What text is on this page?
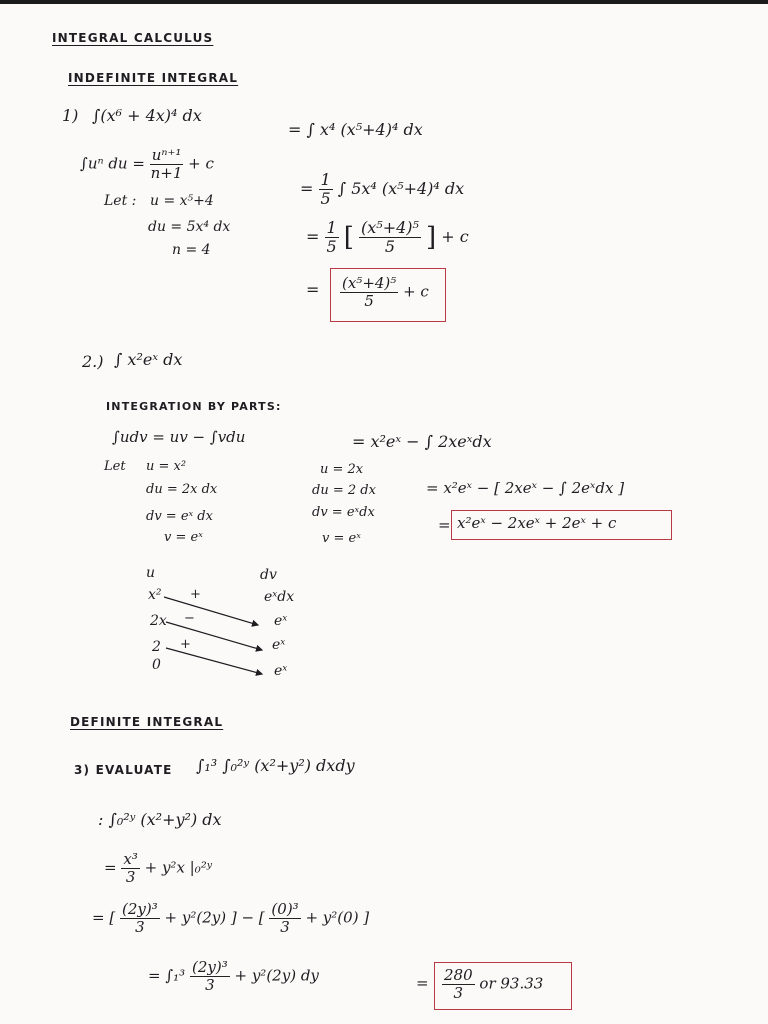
INTEGRAL CALCULUS
INDEFINITE INTEGRAL
1) ∫(x⁶ + 4x)⁴ dx
∫uⁿ du = $\frac{\text{uⁿ⁺¹}}{n+1} + c$
Let : u = x⁵+4
du = 5x⁴ dx
n = 4
= ∫ x⁴ (x⁵+4)⁴ dx
= $\frac{1}{5}$ ∫ 5x⁴ (x⁵+4)⁴ dx
= $\frac{1}{5}$ [ $\frac{\text{(x⁵+4)⁵}}{5}$ ] + c
= $\frac{\text{(x⁵+4)⁵}}{5} + c$
2.) ∫ x²eˣ dx
INTEGRATION BY PARTS:
∫udv = uv − ∫vdu
Let u = x²
du = 2x dx
dv = eˣ dx
v = eˣ
u = 2x
du = 2 dx
dv = eˣdx
v = eˣ
= x²eˣ − ∫ 2xeˣdx
= x²eˣ − [ 2xeˣ − ∫ 2eˣdx ]
= x²eˣ − 2xeˣ + 2eˣ + c
u	dv
x²
2x
2
0
+
−
+
eˣdx
eˣ
eˣ
eˣ
DEFINITE INTEGRAL
3) EVALUATE ∫₁³ ∫₀²ʸ (x²+y²) dxdy
: ∫₀²ʸ (x²+y²) dx
= $\frac{\text{x³}}{3} + y^2x$ |₀²ʸ
= [ $\frac{\text{(2y)³}}{3} + y^2(2y)$ ] − [ $\frac{\text{(0)³}}{3} + y^2(0)$ ]
= $\int_1^3 \frac{\text{(2y)³}}{3} + y^2(2y)$ dy	= $\frac{280}{3}$ or 93.33
